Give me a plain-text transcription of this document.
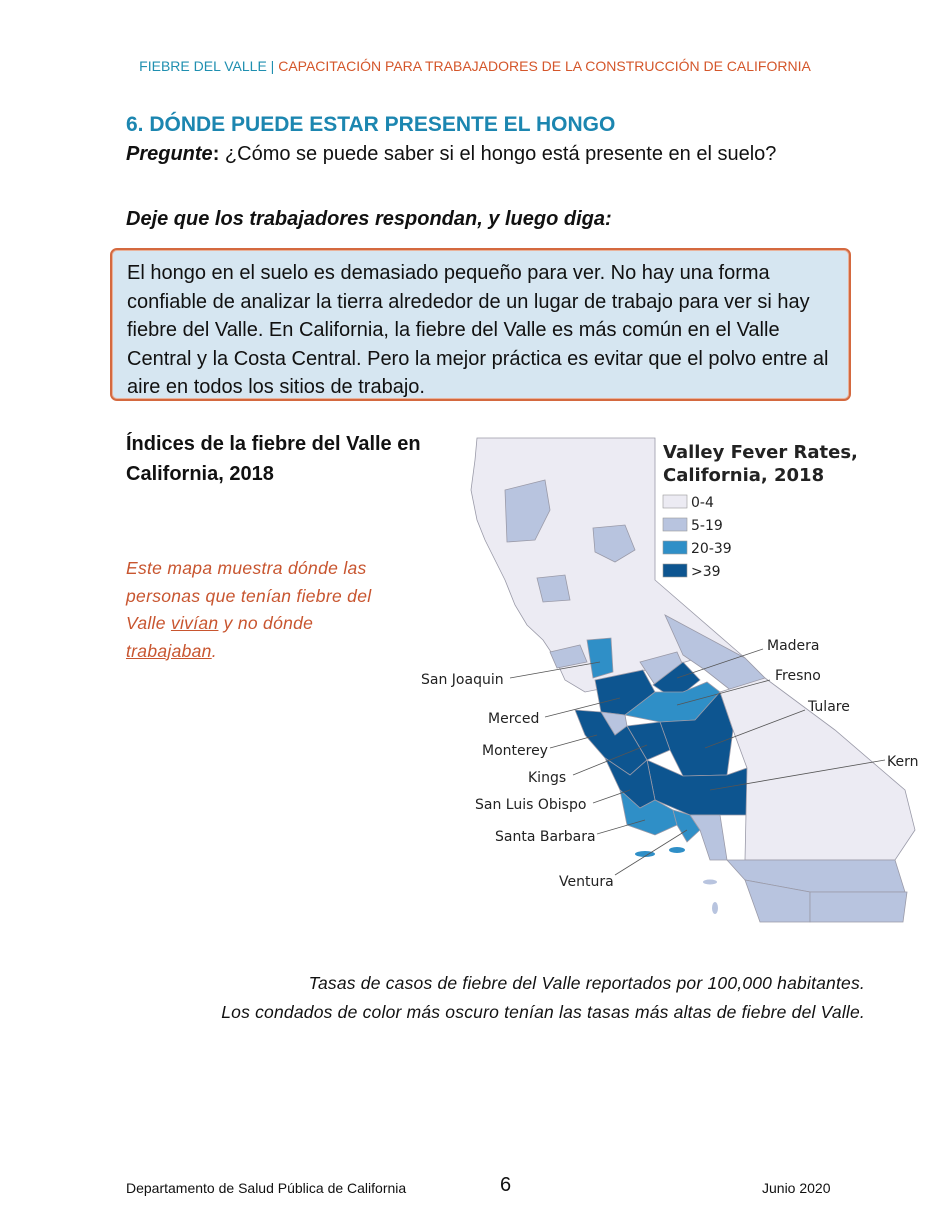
FIEBRE DEL VALLE | CAPACITACIÓN PARA TRABAJADORES DE LA CONSTRUCCIÓN DE CALIFORNIA
6. DÓNDE PUEDE ESTAR PRESENTE EL HONGO
Pregunte: ¿Cómo se puede saber si el hongo está presente en el suelo?
Deje que los trabajadores respondan, y luego diga:
El hongo en el suelo es demasiado pequeño para ver. No hay una forma confiable de analizar la tierra alrededor de un lugar de trabajo para ver si hay fiebre del Valle. En California, la fiebre del Valle es más común en el Valle Central y la Costa Central. Pero la mejor práctica es evitar que el polvo entre al aire en todos los sitios de trabajo.
Índices de la fiebre del Valle en California, 2018
Este mapa muestra dónde las personas que tenían fiebre del Valle vivían y no dónde trabajaban.
Valley Fever Rates,
California, 2018
0-4
5-19
20-39
>39
San Joaquin
Merced
Monterey
Kings
San Luis Obispo
Santa Barbara
Ventura
Madera
Fresno
Tulare
Kern
Tasas de casos de fiebre del Valle reportados por 100,000 habitantes.
Los condados de color más oscuro tenían las tasas más altas de fiebre del Valle.
Departamento de Salud Pública de California	6	Junio 2020
